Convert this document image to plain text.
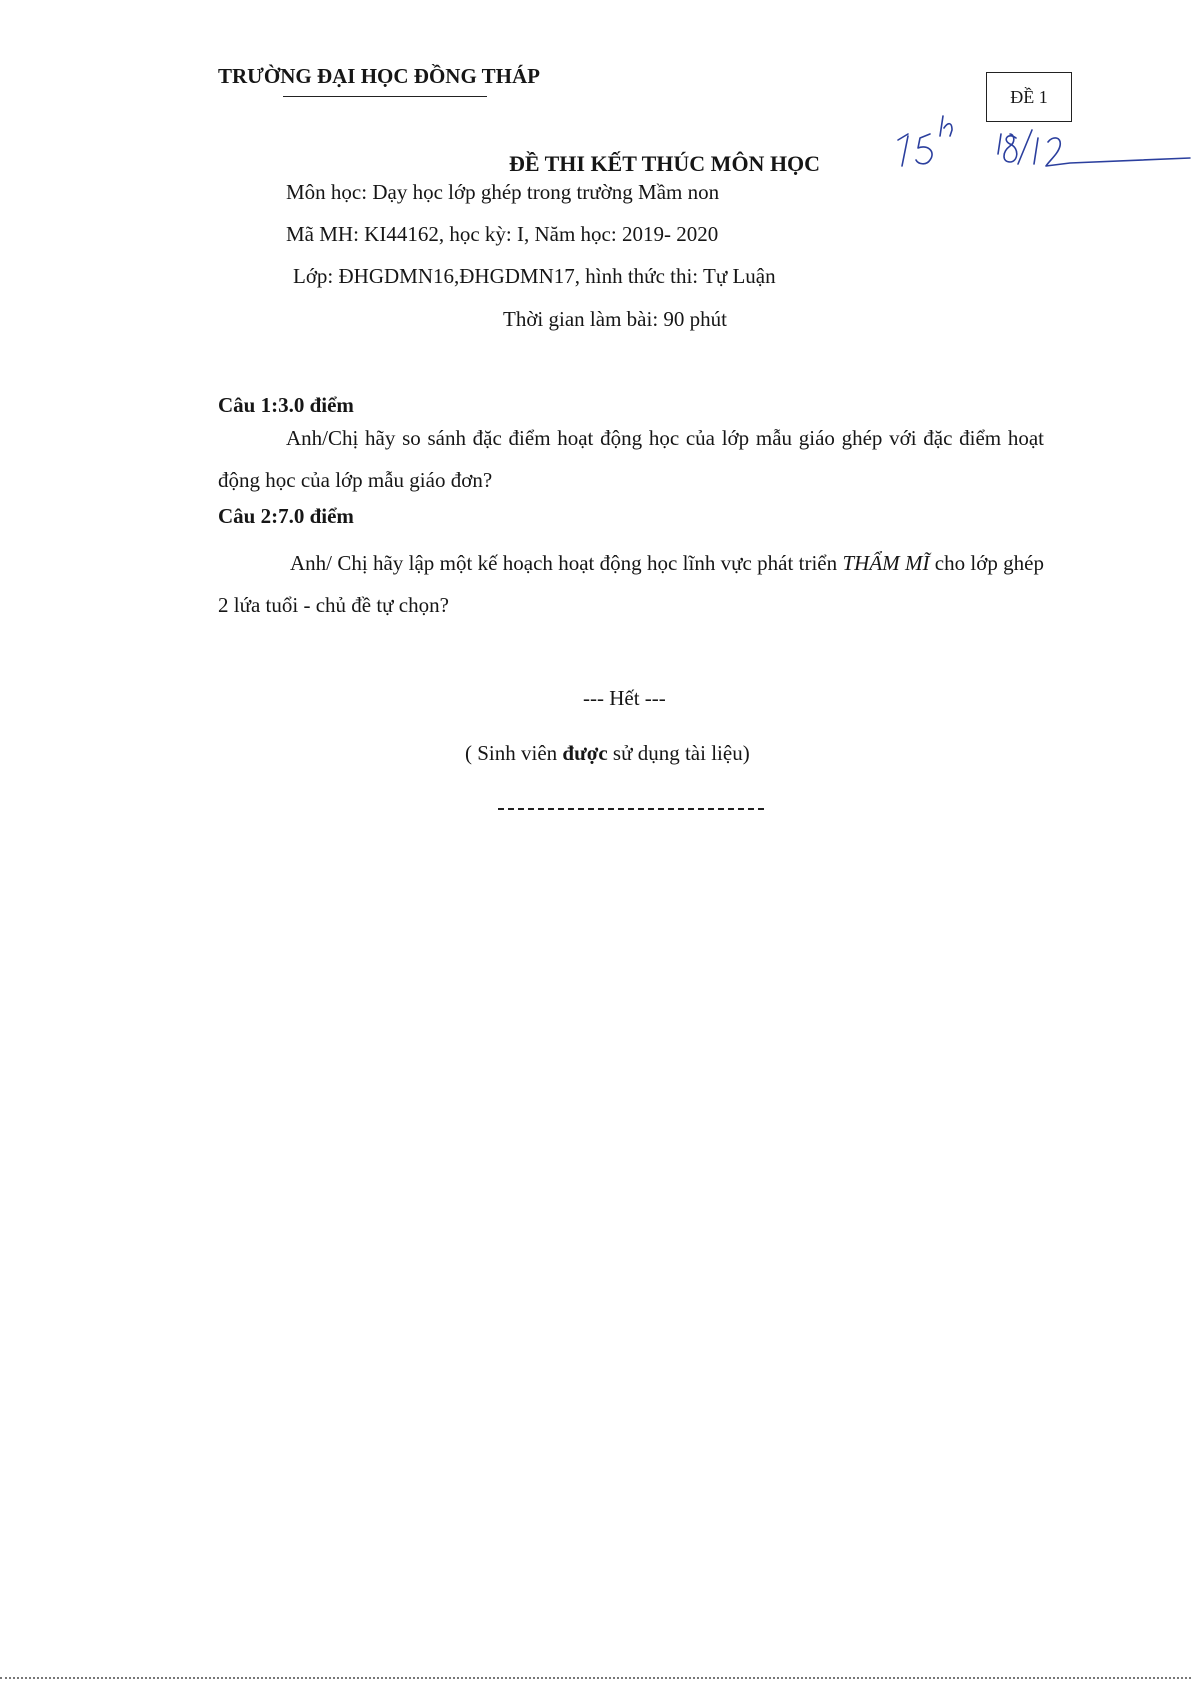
TRƯỜNG ĐẠI HỌC ĐỒNG THÁP
ĐỀ 1
ĐỀ THI KẾT THÚC MÔN HỌC
Môn học: Dạy học lớp ghép trong trường Mầm non
Mã MH: KI44162, học kỳ: I, Năm học: 2019- 2020
Lớp: ĐHGDMN16,ĐHGDMN17, hình thức thi: Tự Luận
Thời gian làm bài: 90 phút
Câu 1:3.0 điểm
Anh/Chị hãy so sánh đặc điểm hoạt động học của lớp mẫu giáo ghép với đặc điểm hoạt động học của lớp mẫu giáo đơn?
Câu 2:7.0 điểm
Anh/ Chị hãy lập một kế hoạch hoạt động học lĩnh vực phát triển THẨM MĨ cho lớp ghép 2 lứa tuổi - chủ đề tự chọn?
--- Hết ---
( Sinh viên được sử dụng tài liệu)
